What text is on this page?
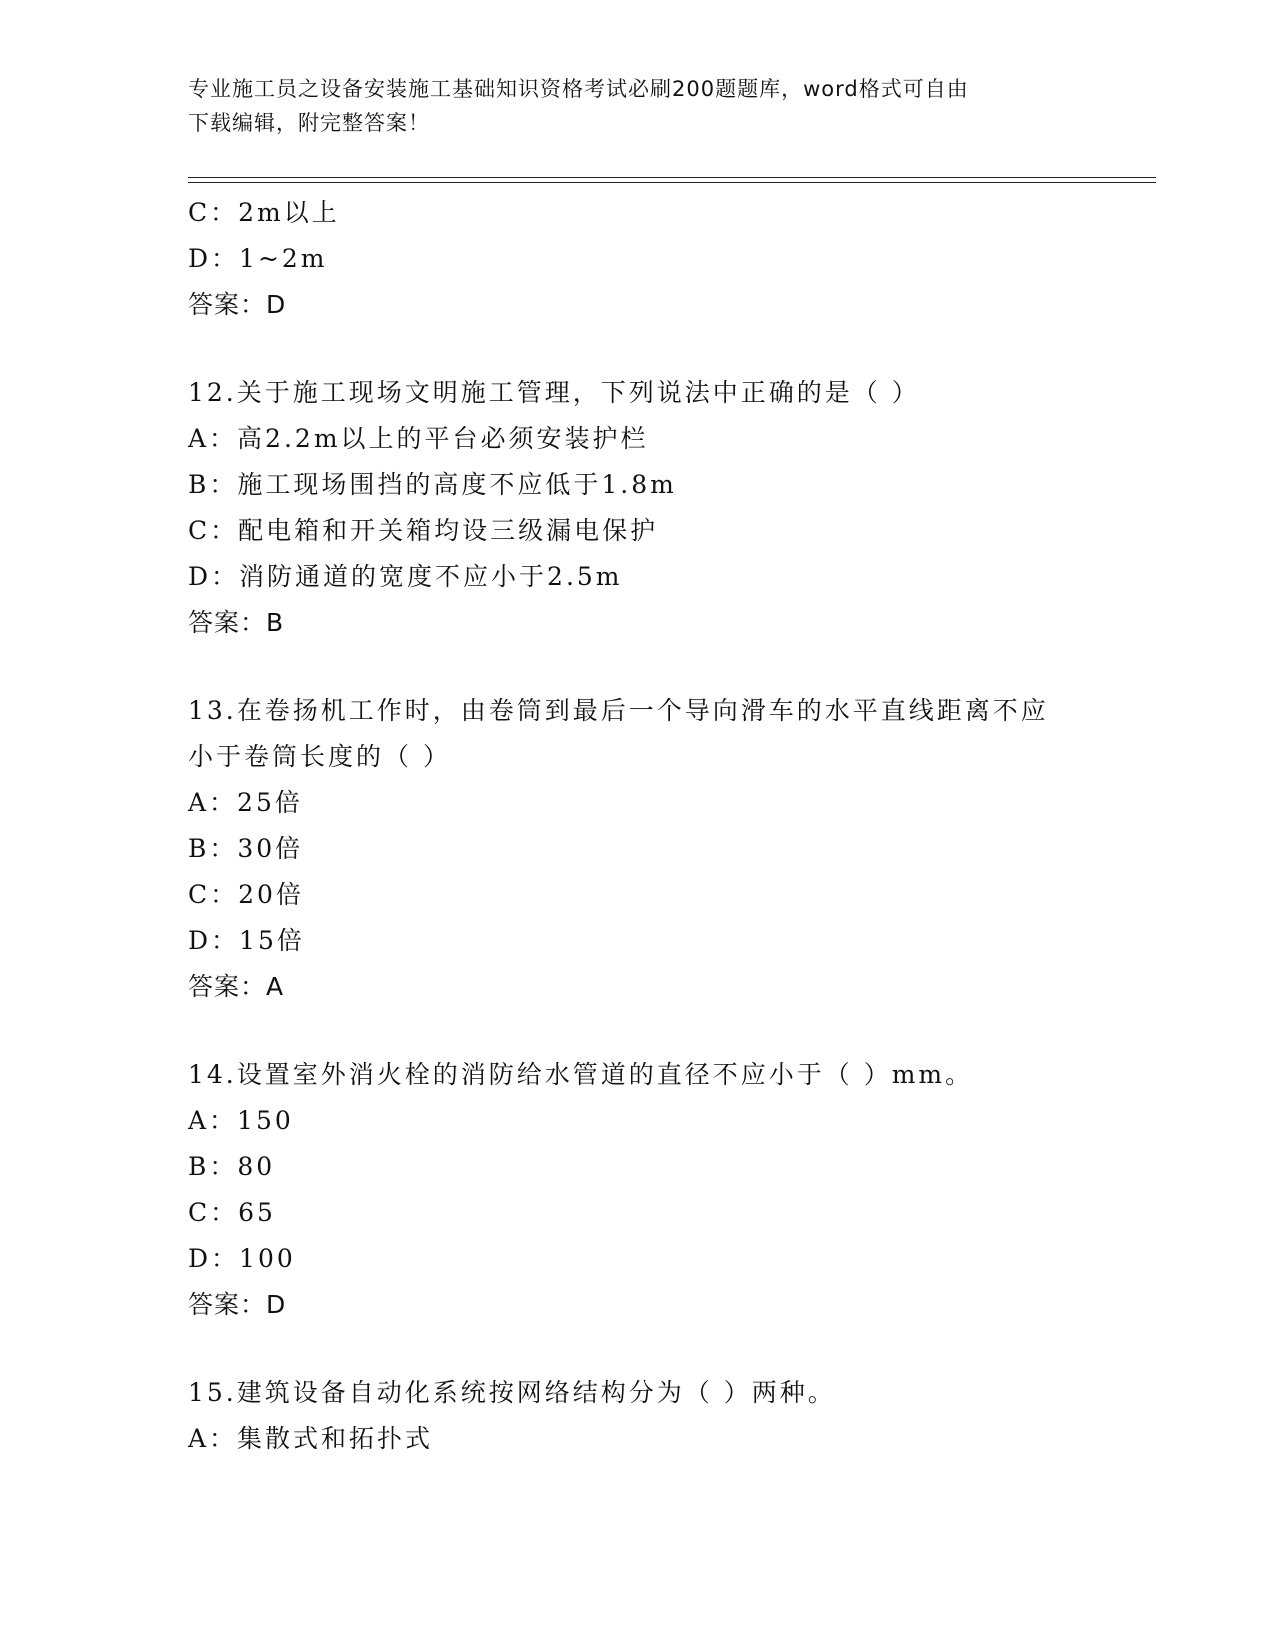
专业施工员之设备安装施工基础知识资格考试必刷200题题库，word格式可自由
下载编辑，附完整答案！
C：2m以上
D：1~2m
答案：D
12.关于施工现场文明施工管理，下列说法中正确的是（ ）
A：高2.2m以上的平台必须安装护栏
B：施工现场围挡的高度不应低于1.8m
C：配电箱和开关箱均设三级漏电保护
D：消防通道的宽度不应小于2.5m
答案：B
13.在卷扬机工作时，由卷筒到最后一个导向滑车的水平直线距离不应
小于卷筒长度的（ ）
A：25倍
B：30倍
C：20倍
D：15倍
答案：A
14.设置室外消火栓的消防给水管道的直径不应小于（ ）mm。
A：150
B：80
C：65
D：100
答案：D
15.建筑设备自动化系统按网络结构分为（ ）两种。
A：集散式和拓扑式
